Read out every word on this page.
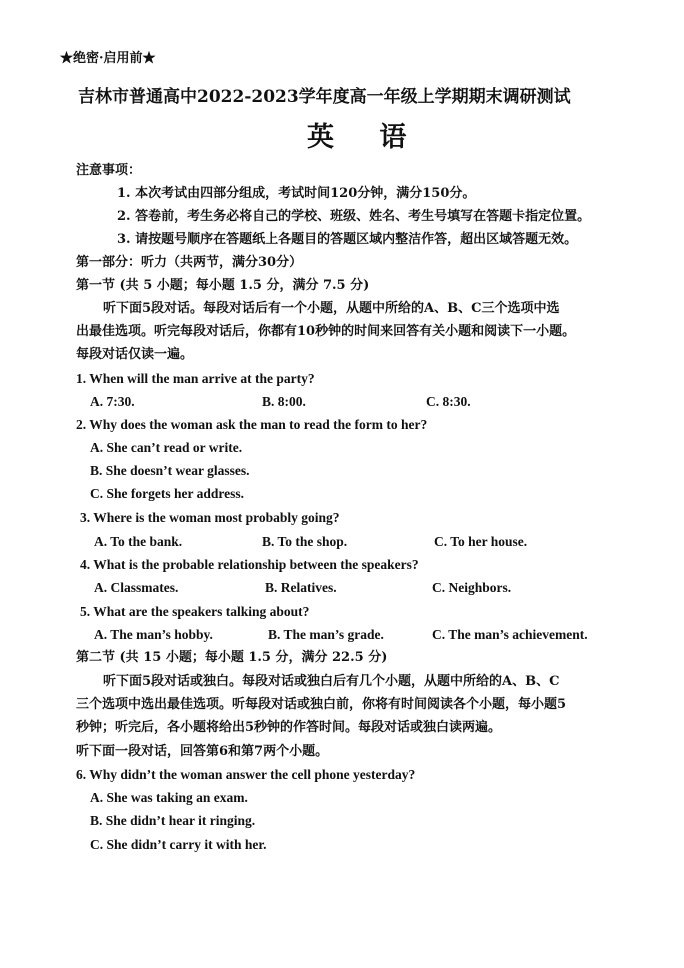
★绝密·启用前★
吉林市普通高中2022-2023学年度高一年级上学期期末调研测试
英 语
注意事项：
1. 本次考试由四部分组成，考试时间120分钟，满分150分。
2. 答卷前，考生务必将自己的学校、班级、姓名、考生号填写在答题卡指定位置。
3. 请按题号顺序在答题纸上各题目的答题区域内整洁作答，超出区域答题无效。
第一部分：听力（共两节，满分30分）
第一节 (共 5 小题；每小题 1.5 分，满分 7.5 分)
听下面5段对话。每段对话后有一个小题，从题中所给的A、B、C三个选项中选
出最佳选项。听完每段对话后，你都有10秒钟的时间来回答有关小题和阅读下一小题。
每段对话仅读一遍。
1. When will the man arrive at the party?
A. 7:30.	B. 8:00.	C. 8:30.
2. Why does the woman ask the man to read the form to her?
A. She can’t read or write.
B. She doesn’t wear glasses.
C. She forgets her address.
3. Where is the woman most probably going?
A. To the bank.	B. To the shop.	C. To her house.
4. What is the probable relationship between the speakers?
A. Classmates.	B. Relatives.	C. Neighbors.
5. What are the speakers talking about?
A. The man’s hobby.	B. The man’s grade.	C. The man’s achievement.
第二节 (共 15 小题；每小题 1.5 分，满分 22.5 分)
听下面5段对话或独白。每段对话或独白后有几个小题，从题中所给的A、B、C
三个选项中选出最佳选项。听每段对话或独白前，你将有时间阅读各个小题，每小题5
秒钟；听完后，各小题将给出5秒钟的作答时间。每段对话或独白读两遍。
听下面一段对话，回答第6和第7两个小题。
6. Why didn’t the woman answer the cell phone yesterday?
A. She was taking an exam.
B. She didn’t hear it ringing.
C. She didn’t carry it with her.
